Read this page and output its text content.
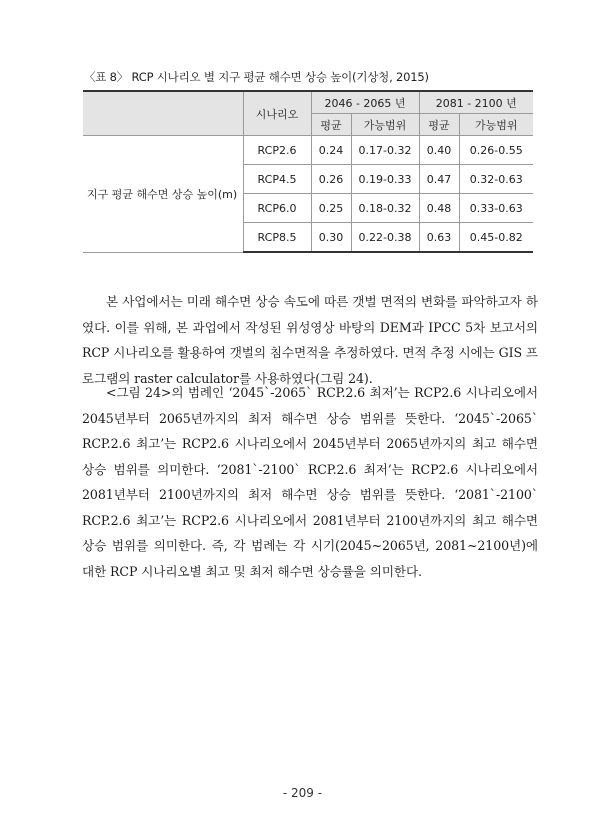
〈표 8〉 RCP 시나리오 별 지구 평균 해수면 상승 높이(기상청, 2015)
	시나리오	2046 - 2065 년		2081 - 2100 년	
		평균	가능범위	평균	가능범위
지구 평균 해수면 상승 높이(m)	RCP2.6	0.24	0.17-0.32	0.40	0.26-0.55
	RCP4.5	0.26	0.19-0.33	0.47	0.32-0.63
	RCP6.0	0.25	0.18-0.32	0.48	0.33-0.63
	RCP8.5	0.30	0.22-0.38	0.63	0.45-0.82

본 사업에서는 미래 해수면 상승 속도에 따른 갯벌 면적의 변화를 파악하고자 하였다. 이를 위해, 본 과업에서 작성된 위성영상 바탕의 DEM과 IPCC 5차 보고서의 RCP 시나리오를 활용하여 갯벌의 침수면적을 추정하였다. 면적 추정 시에는 GIS 프로그램의 raster calculator를 사용하였다(그림 24).

<그림 24>의 범례인 ‘2045`-2065` RCP.2.6 최저’는 RCP2.6 시나리오에서 2045년부터 2065년까지의 최저 해수면 상승 범위를 뜻한다. ‘2045`-2065` RCP.2.6 최고’는 RCP2.6 시나리오에서 2045년부터 2065년까지의 최고 해수면 상승 범위를 의미한다. ‘2081`-2100` RCP.2.6 최저’는 RCP2.6 시나리오에서 2081년부터 2100년까지의 최저 해수면 상승 범위를 뜻한다. ‘2081`-2100` RCP.2.6 최고’는 RCP2.6 시나리오에서 2081년부터 2100년까지의 최고 해수면 상승 범위를 의미한다. 즉, 각 범례는 각 시기(2045~2065년, 2081~2100년)에 대한 RCP 시나리오별 최고 및 최저 해수면 상승률을 의미한다.

- 209 -
